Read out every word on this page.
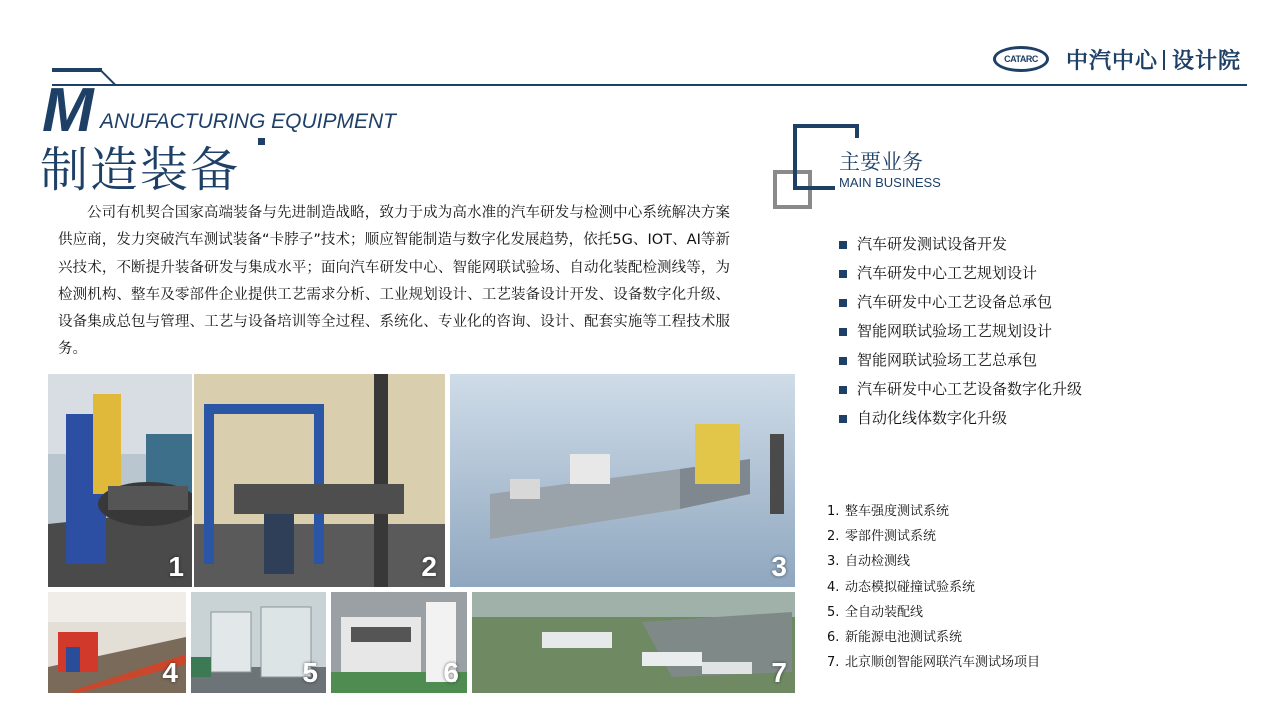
CATARC 中汽中心 设计院
M ANUFACTURING EQUIPMENT
制造装备
公司有机契合国家高端装备与先进制造战略，致力于成为高水准的汽车研发与检测中心系统解决方案供应商，发力突破汽车测试装备“卡脖子”技术；顺应智能制造与数字化发展趋势，依托5G、IOT、AI等新兴技术，不断提升装备研发与集成水平；面向汽车研发中心、智能网联试验场、自动化装配检测线等，为检测机构、整车及零部件企业提供工艺需求分析、工业规划设计、工艺装备设计开发、设备数字化升级、设备集成总包与管理、工艺与设备培训等全过程、系统化、专业化的咨询、设计、配套实施等工程技术服务。
1	2	3
4	5	6	7
主要业务
MAIN BUSINESS
汽车研发测试设备开发
汽车研发中心工艺规划设计
汽车研发中心工艺设备总承包
智能网联试验场工艺规划设计
智能网联试验场工艺总承包
汽车研发中心工艺设备数字化升级
自动化线体数字化升级
1. 整车强度测试系统
2. 零部件测试系统
3. 自动检测线
4. 动态模拟碰撞试验系统
5. 全自动装配线
6. 新能源电池测试系统
7. 北京顺创智能网联汽车测试场项目
